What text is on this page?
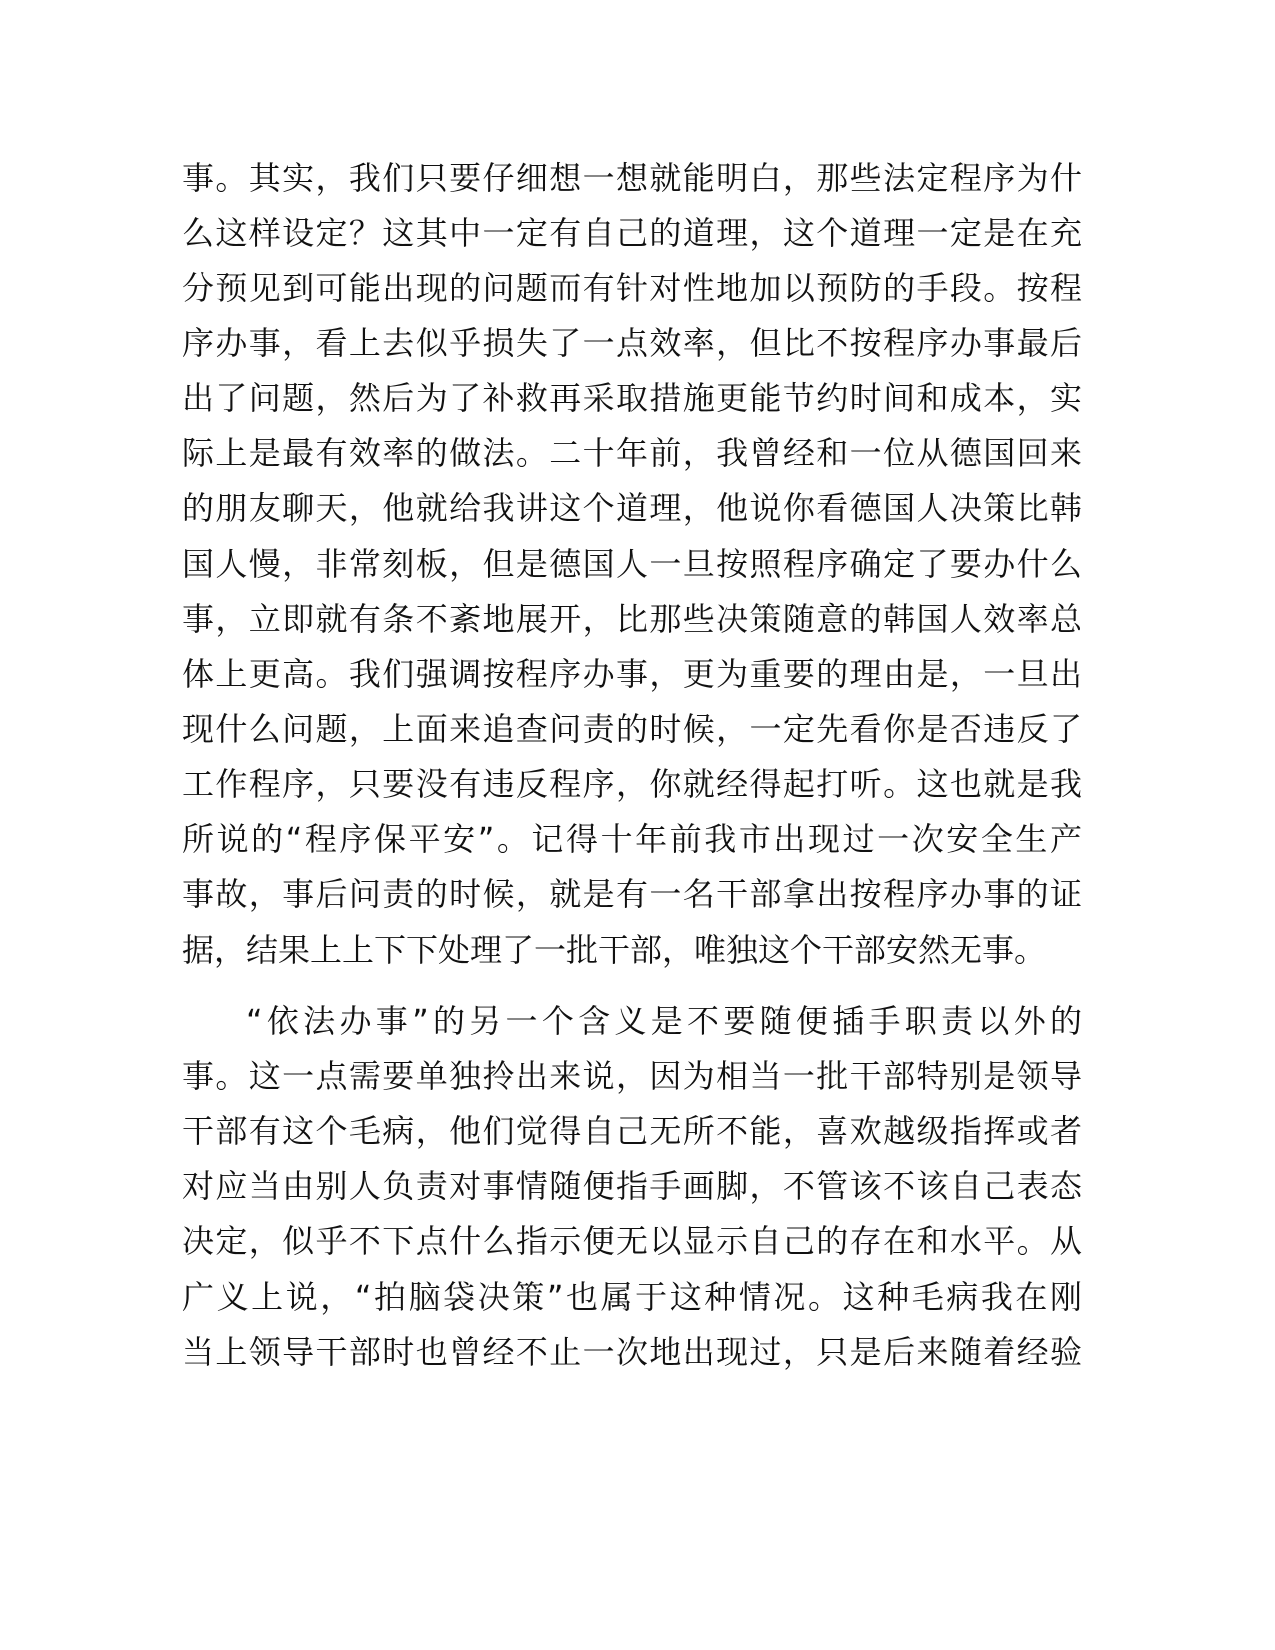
事。其实，我们只要仔细想一想就能明白，那些法定程序为什
么这样设定？这其中一定有自己的道理，这个道理一定是在充
分预见到可能出现的问题而有针对性地加以预防的手段。按程
序办事，看上去似乎损失了一点效率，但比不按程序办事最后
出了问题，然后为了补救再采取措施更能节约时间和成本，实
际上是最有效率的做法。二十年前，我曾经和一位从德国回来
的朋友聊天，他就给我讲这个道理，他说你看德国人决策比韩
国人慢，非常刻板，但是德国人一旦按照程序确定了要办什么
事，立即就有条不紊地展开，比那些决策随意的韩国人效率总
体上更高。我们强调按程序办事，更为重要的理由是，一旦出
现什么问题，上面来追查问责的时候，一定先看你是否违反了
工作程序，只要没有违反程序，你就经得起打听。这也就是我
所说的“程序保平安”。记得十年前我市出现过一次安全生产
事故，事后问责的时候，就是有一名干部拿出按程序办事的证
据，结果上上下下处理了一批干部，唯独这个干部安然无事。
“依法办事”的另一个含义是不要随便插手职责以外的
事。这一点需要单独拎出来说，因为相当一批干部特别是领导
干部有这个毛病，他们觉得自己无所不能，喜欢越级指挥或者
对应当由别人负责对事情随便指手画脚，不管该不该自己表态
决定，似乎不下点什么指示便无以显示自己的存在和水平。从
广义上说，“拍脑袋决策”也属于这种情况。这种毛病我在刚
当上领导干部时也曾经不止一次地出现过，只是后来随着经验
